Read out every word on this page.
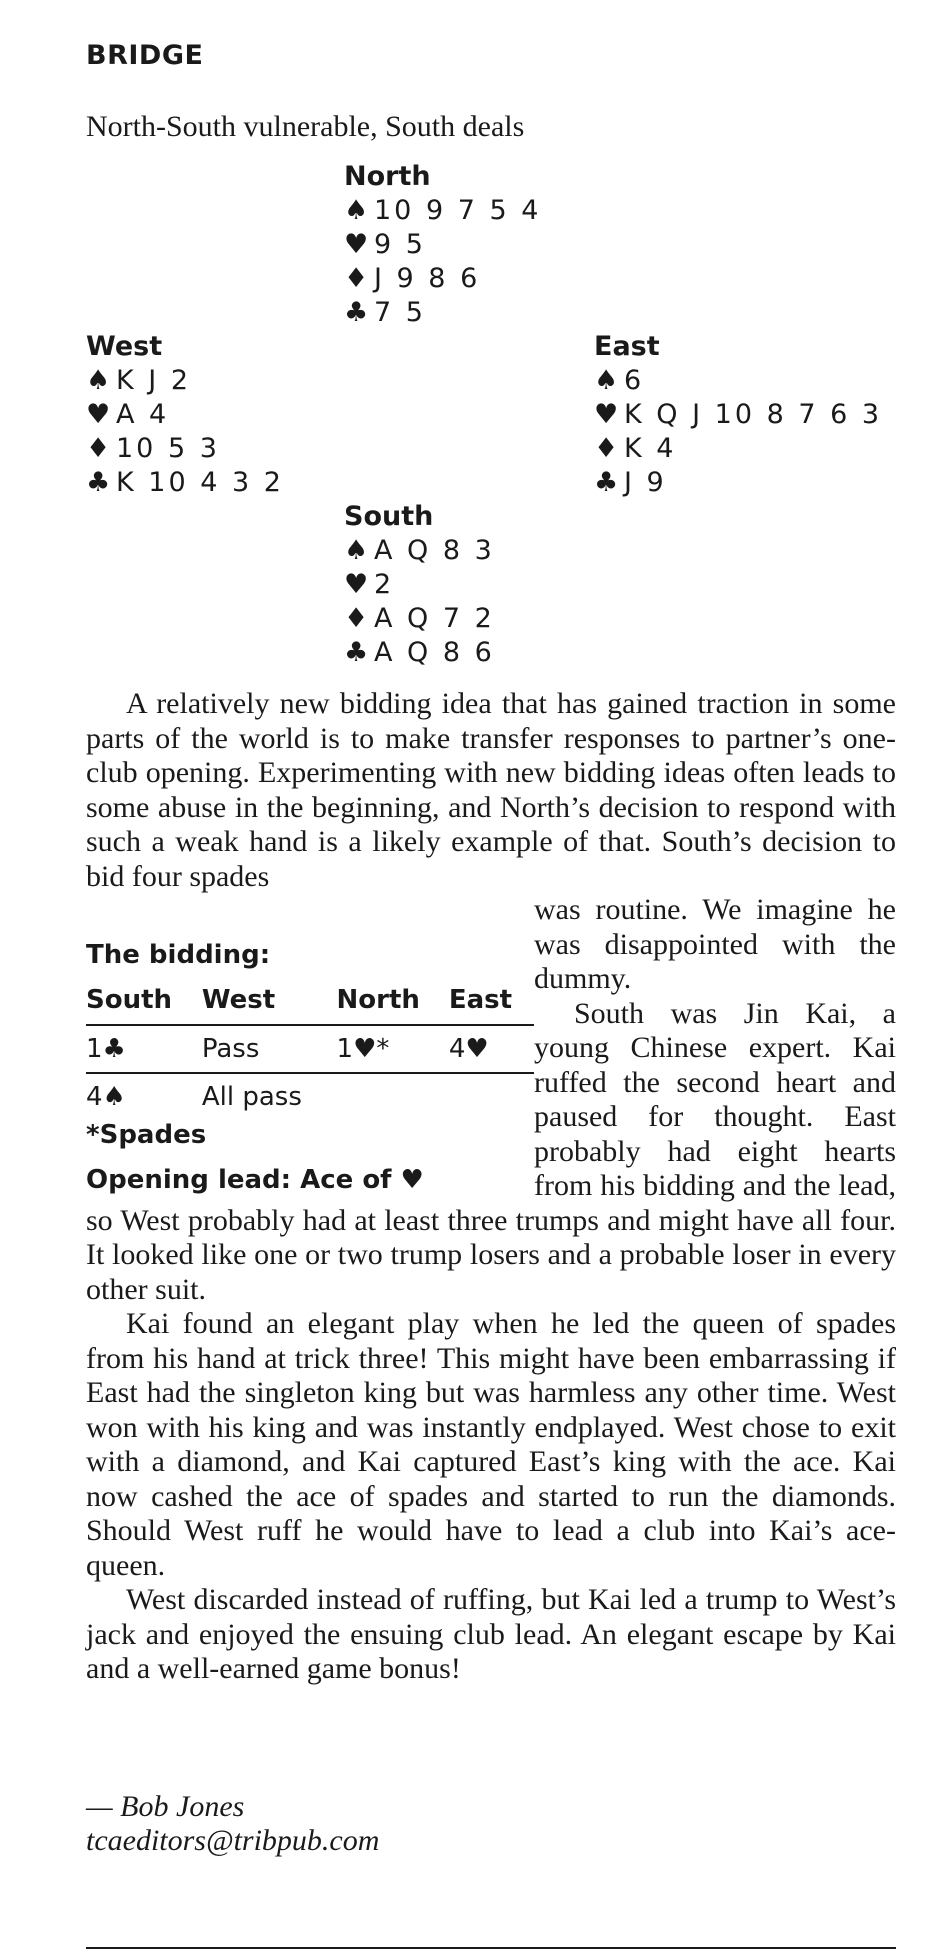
BRIDGE
North-South vulnerable, South deals
North
♠ 10 9 7 5 4
♥ 9 5
♦ J 9 8 6
♣ 7 5
West
♠ K J 2
♥ A 4
♦ 10 5 3
♣ K 10 4 3 2
East
♠ 6
♥ K Q J 10 8 7 6 3
♦ K 4
♣ J 9
South
♠ A Q 8 3
♥ 2
♦ A Q 7 2
♣ A Q 8 6

A relatively new bidding idea that has gained traction in some parts of the world is to make transfer responses to partner’s one-club opening. Experimenting with new bidding ideas often leads to some abuse in the beginning, and North’s decision to respond with such a weak hand is a likely example of that. South’s decision to bid four spades

was routine. We imagine he was disappointed with the dummy.

South was Jin Kai, a young Chinese expert. Kai ruffed the second heart and paused for thought. East probably had eight hearts from his bidding and the lead, so West probably had at least three trumps and might have all four. It looked like one or two trump losers and a probable loser in every other suit.

Kai found an elegant play when he led the queen of spades from his hand at trick three! This might have been embarrassing if East had the singleton king but was harmless any other time. West won with his king and was instantly endplayed. West chose to exit with a diamond, and Kai captured East’s king with the ace. Kai now cashed the ace of spades and started to run the diamonds. Should West ruff he would have to lead a club into Kai’s ace-queen.

West discarded instead of ruffing, but Kai led a trump to West’s jack and enjoyed the ensuing club lead. An elegant escape by Kai and a well-earned game bonus!

The bidding:
South	West	North	East
1♣	Pass	1♥*	4♥
4♠	All pass		
*Spades
Opening lead: Ace of ♥
— Bob Jones
tcaeditors@tribpub.com
